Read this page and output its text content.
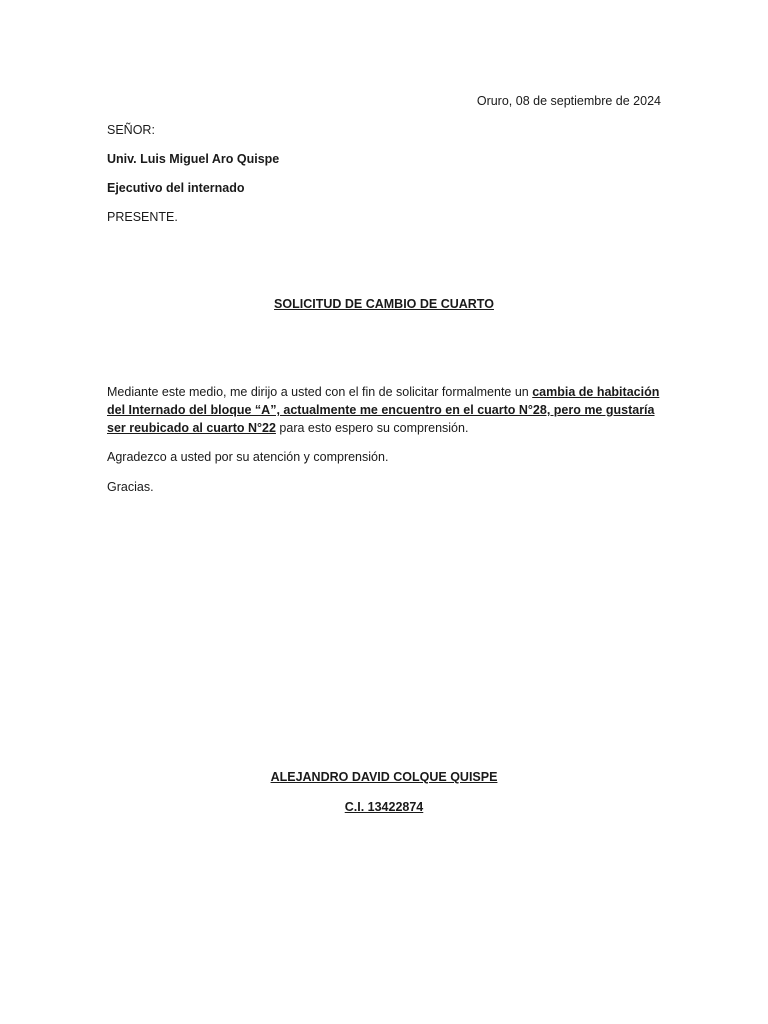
Oruro, 08 de septiembre de 2024
SEÑOR:
Univ. Luis Miguel Aro Quispe
Ejecutivo del internado
PRESENTE.
SOLICITUD DE CAMBIO DE CUARTO
Mediante este medio, me dirijo a usted con el fin de solicitar formalmente un cambia de habitación del Internado del bloque “A”, actualmente me encuentro en el cuarto N°28, pero me gustaría ser reubicado al cuarto N°22 para esto espero su comprensión.
Agradezco a usted por su atención y comprensión.
Gracias.
ALEJANDRO DAVID COLQUE QUISPE
C.I. 13422874
